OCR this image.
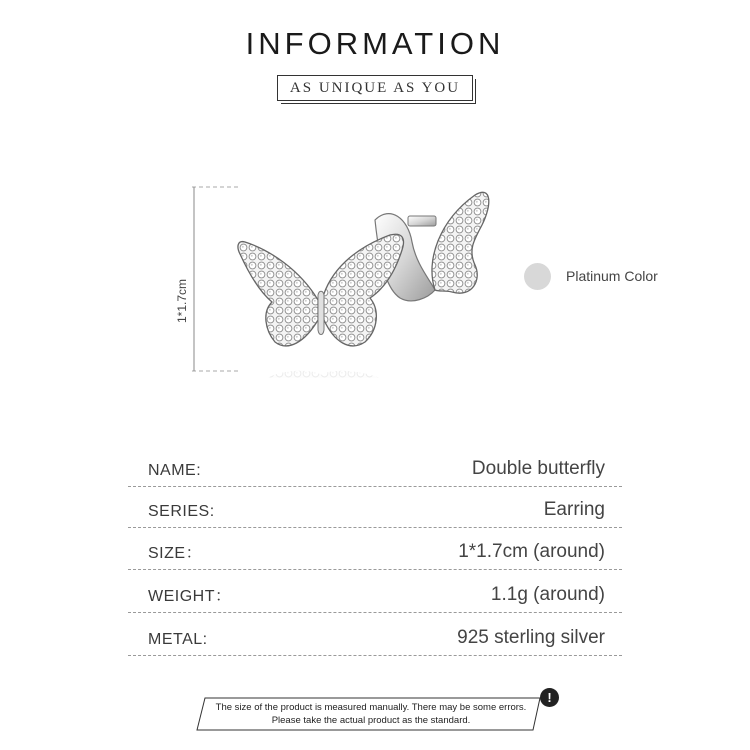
INFORMATION
AS UNIQUE AS YOU
1*1.7cm
Platinum Color
NAME:	Double butterfly
SERIES:	Earring
SIZE：	1*1.7cm (around)
WEIGHT：	1.1g (around)
METAL:	925 sterling silver
The size of the product is measured manually. There may be some errors.
Please take the actual product as the standard.
!
